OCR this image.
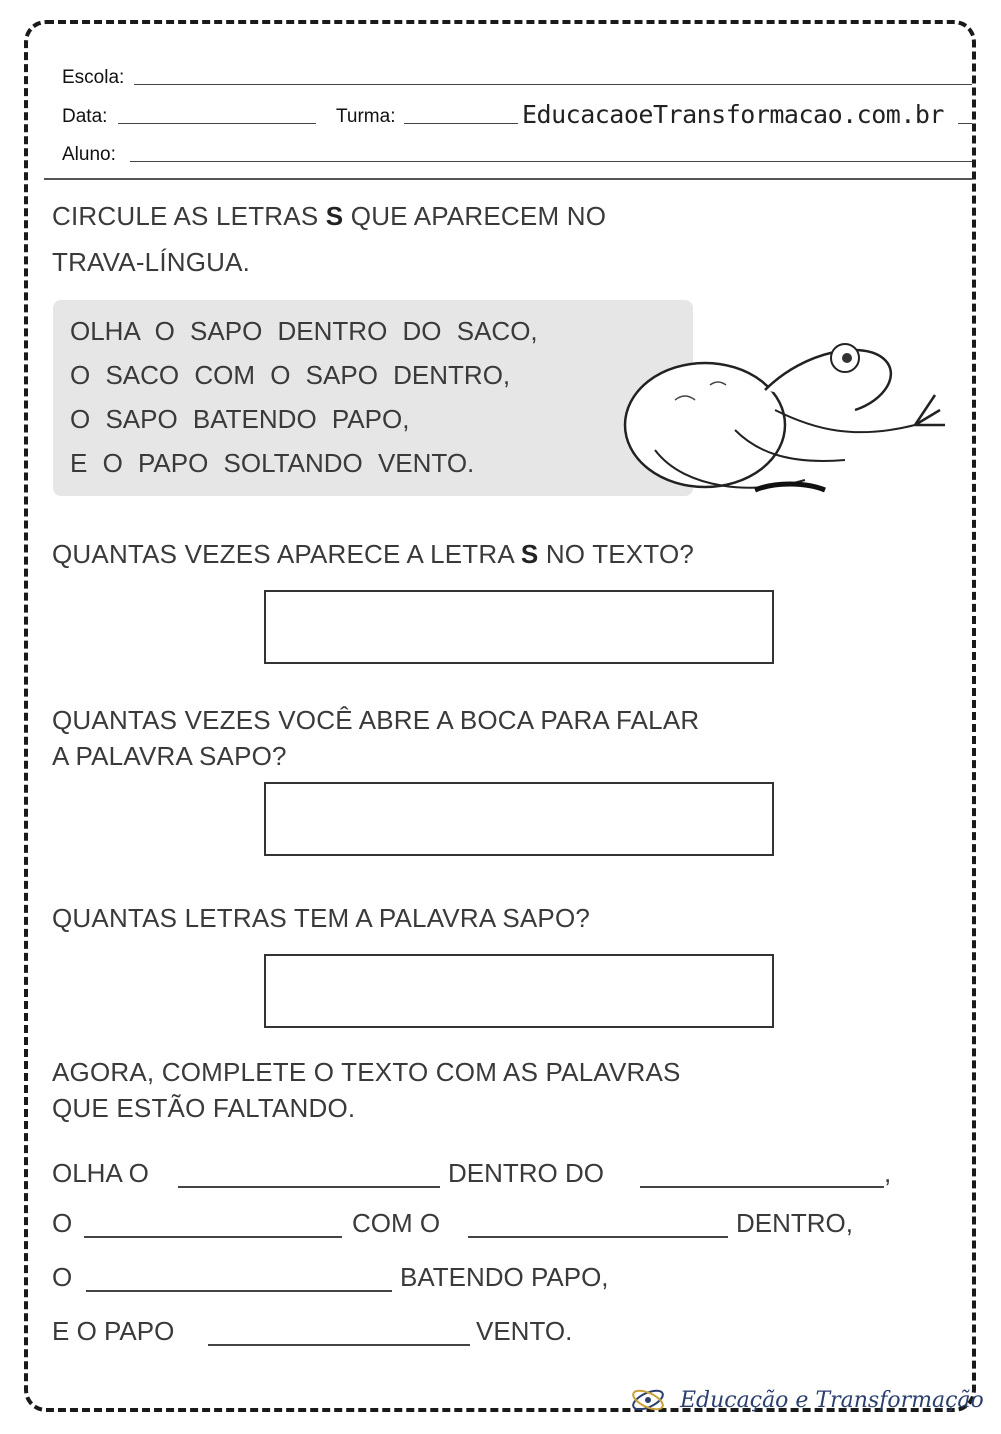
Escola:
Data:	Turma:	EducacaoeTransformacao.com.br
Aluno:
CIRCULE AS LETRAS S QUE APARECEM NO
TRAVA-LÍNGUA.
OLHA O SAPO DENTRO DO SACO,
O SACO COM O SAPO DENTRO,
O SAPO BATENDO PAPO,
E O PAPO SOLTANDO VENTO.
QUANTAS VEZES APARECE A LETRA S NO TEXTO?
QUANTAS VEZES VOCÊ ABRE A BOCA PARA FALAR
A PALAVRA SAPO?
QUANTAS LETRAS TEM A PALAVRA SAPO?
AGORA, COMPLETE O TEXTO COM AS PALAVRAS
QUE ESTÃO FALTANDO.
OLHA O	DENTRO DO	,
O	COM O	DENTRO,
O	BATENDO PAPO,
E O PAPO	VENTO.
Educação e Transformação
